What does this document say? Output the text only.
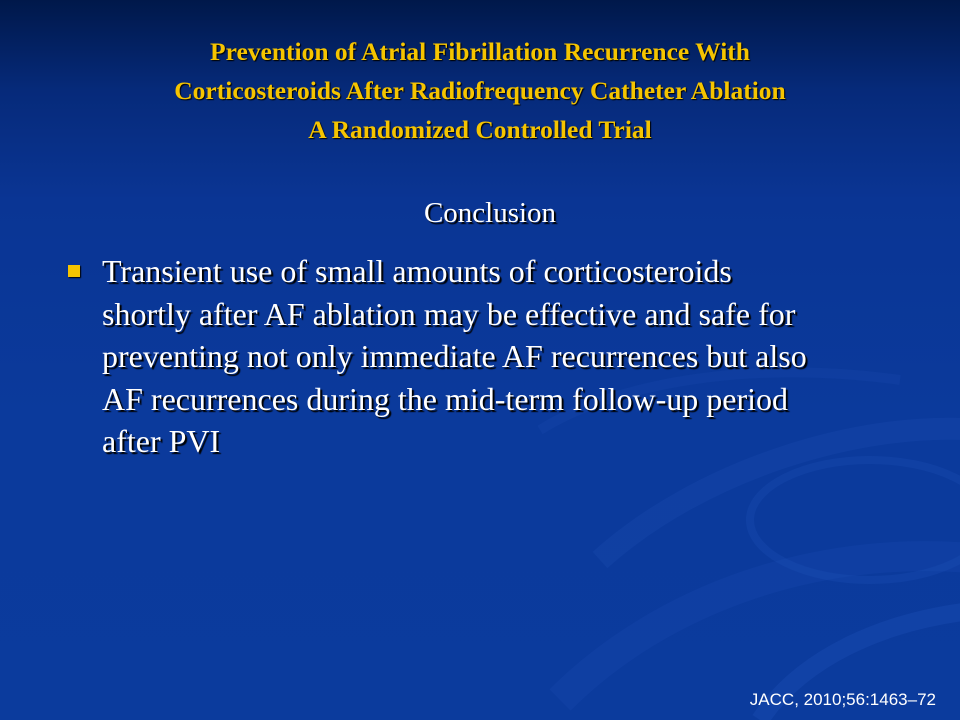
Prevention of Atrial Fibrillation Recurrence With
Corticosteroids After Radiofrequency Catheter Ablation
A Randomized Controlled Trial
Conclusion
Transient use of small amounts of corticosteroids
shortly after AF ablation may be effective and safe for
preventing not only immediate AF recurrences but also
AF recurrences during the mid-term follow-up period
after PVI
JACC, 2010;56:1463–72
